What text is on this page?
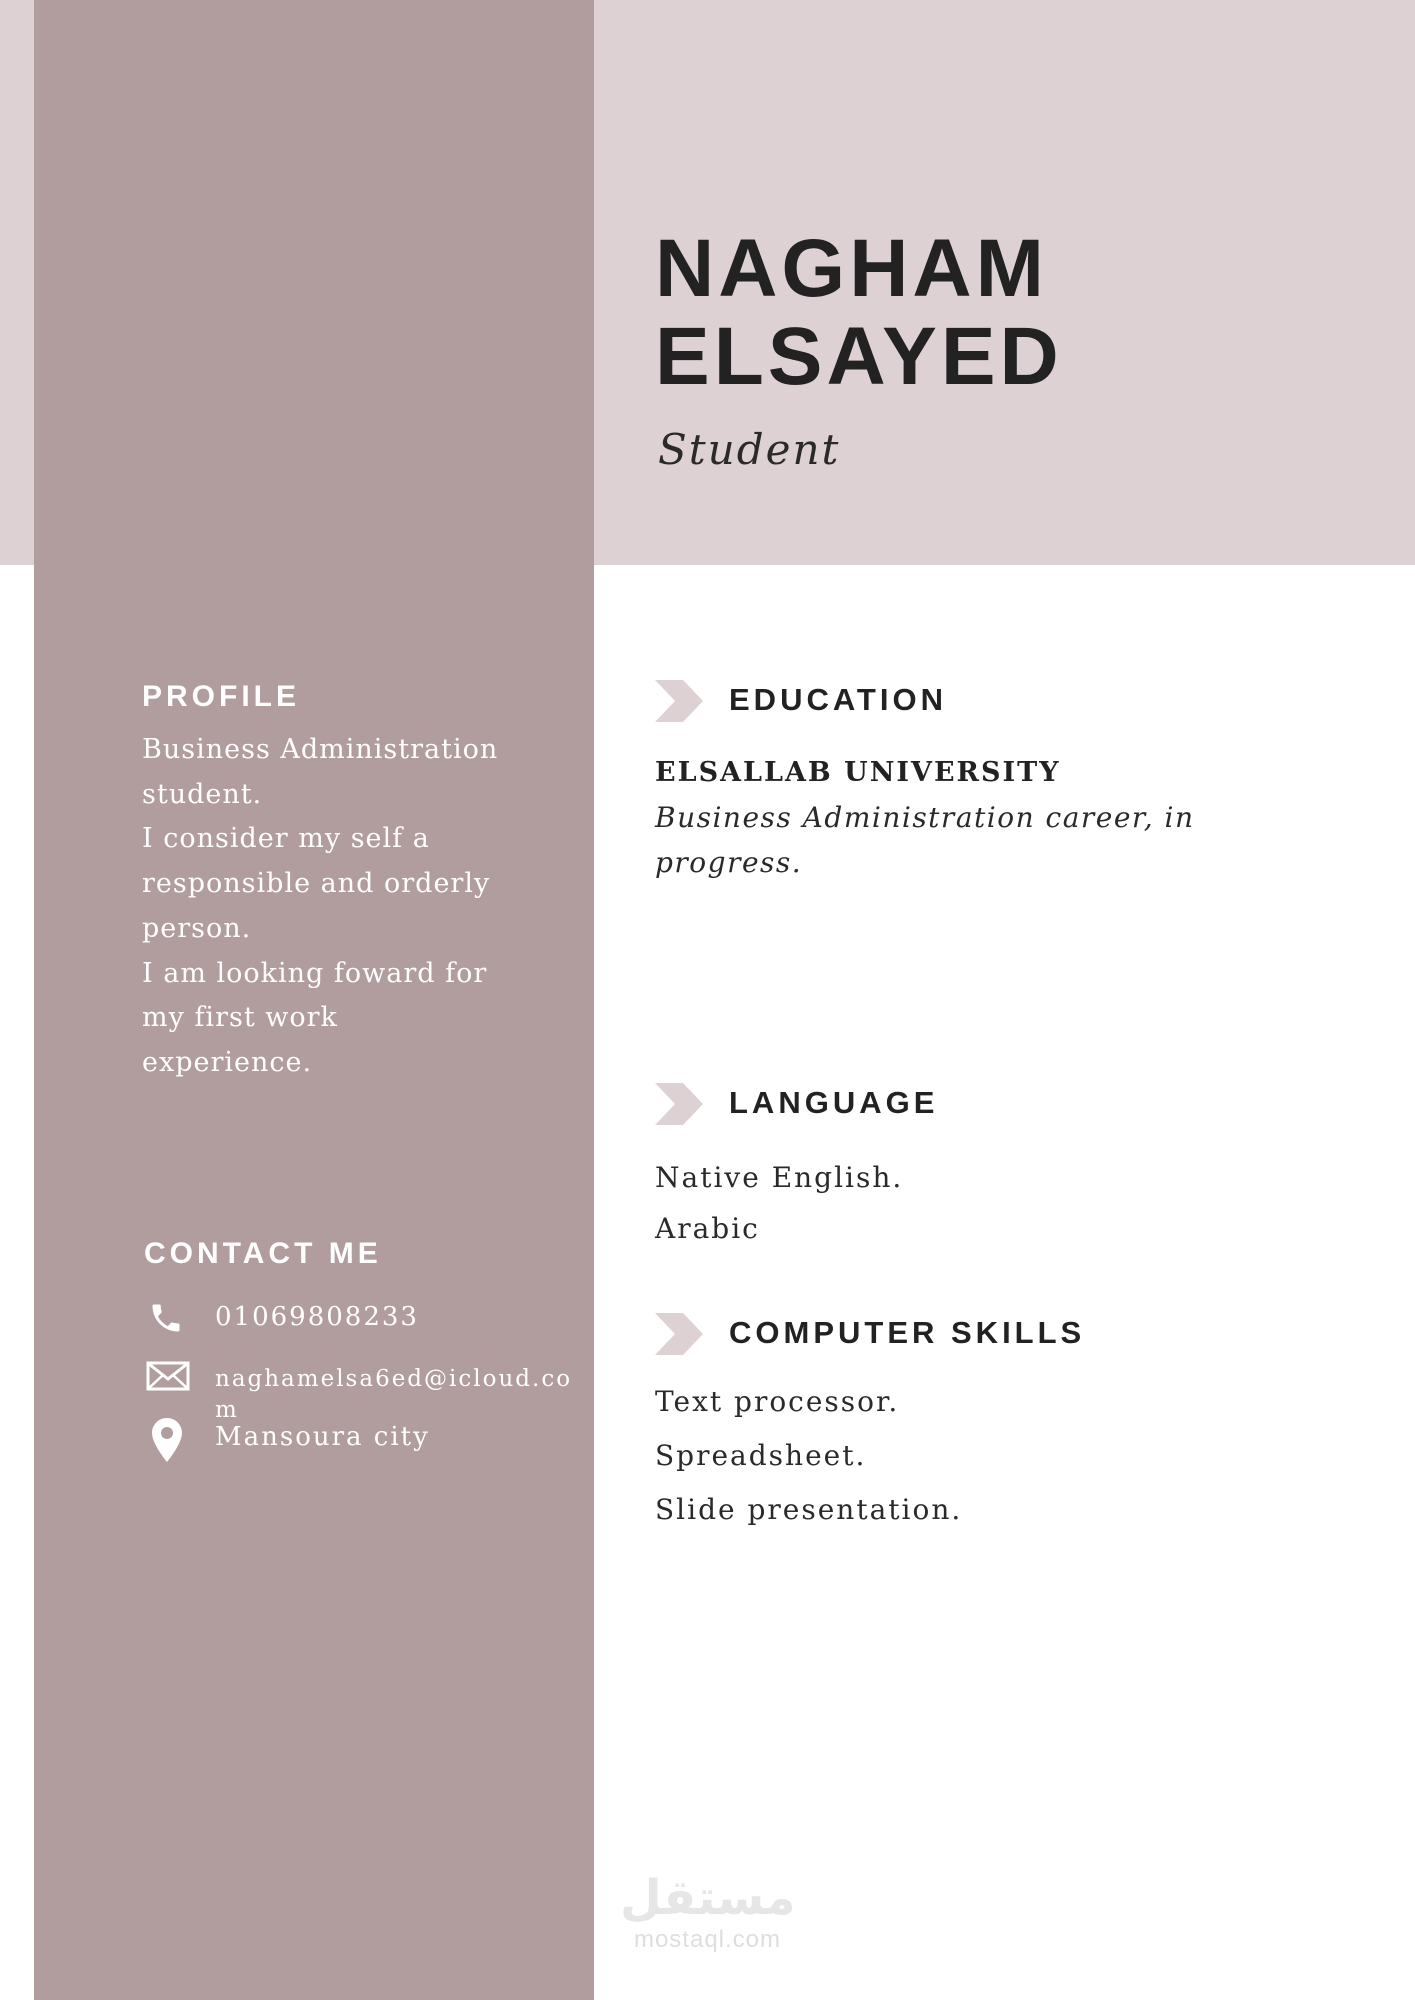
NAGHAM
ELSAYED
Student
PROFILE
Business Administration
student.
I consider my self a
responsible and orderly
person.
I am looking foward for
my first work
experience.
CONTACT ME
01069808233
naghamelsa6ed@icloud.co
m
Mansoura city
EDUCATION
ELSALLAB UNIVERSITY
Business Administration career, in
progress.
LANGUAGE
Native English.
Arabic
COMPUTER SKILLS
Text processor.
Spreadsheet.
Slide presentation.
مستقل
mostaql.com
